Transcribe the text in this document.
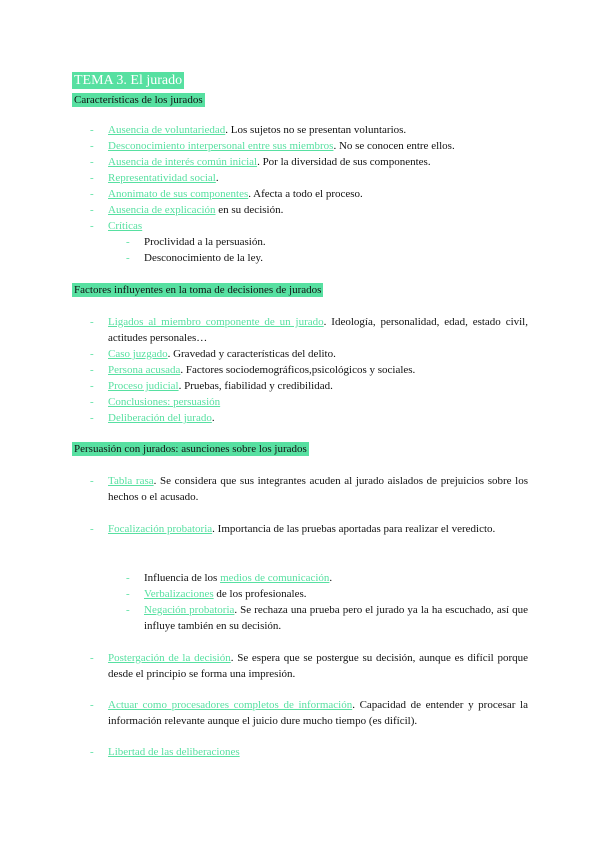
TEMA 3. El jurado
Características de los jurados
- Ausencia de voluntariedad. Los sujetos no se presentan voluntarios.
- Desconocimiento interpersonal entre sus miembros. No se conocen entre ellos.
- Ausencia de interés común inicial. Por la diversidad de sus componentes.
- Representatividad social.
- Anonimato de sus componentes. Afecta a todo el proceso.
- Ausencia de explicación en su decisión.
- Críticas
- Proclividad a la persuasión.
- Desconocimiento de la ley.
Factores influyentes en la toma de decisiones de jurados
- Ligados al miembro componente de un jurado. Ideología, personalidad, edad, estado civil, actitudes personales…
- Caso juzgado. Gravedad y características del delito.
- Persona acusada. Factores sociodemográficos,psicológicos y sociales.
- Proceso judicial. Pruebas, fiabilidad y credibilidad.
- Conclusiones: persuasión
- Deliberación del jurado.
Persuasión con jurados: asunciones sobre los jurados
- Tabla rasa. Se considera que sus integrantes acuden al jurado aislados de prejuicios sobre los hechos o el acusado.
- Focalización probatoria. Importancia de las pruebas aportadas para realizar el veredicto.
- Influencia de los medios de comunicación.
- Verbalizaciones de los profesionales.
- Negación probatoria. Se rechaza una prueba pero el jurado ya la ha escuchado, así que influye también en su decisión.
- Postergación de la decisión. Se espera que se postergue su decisión, aunque es difícil porque desde el principio se forma una impresión.
- Actuar como procesadores completos de información. Capacidad de entender y procesar la información relevante aunque el juicio dure mucho tiempo (es difícil).
- Libertad de las deliberaciones
